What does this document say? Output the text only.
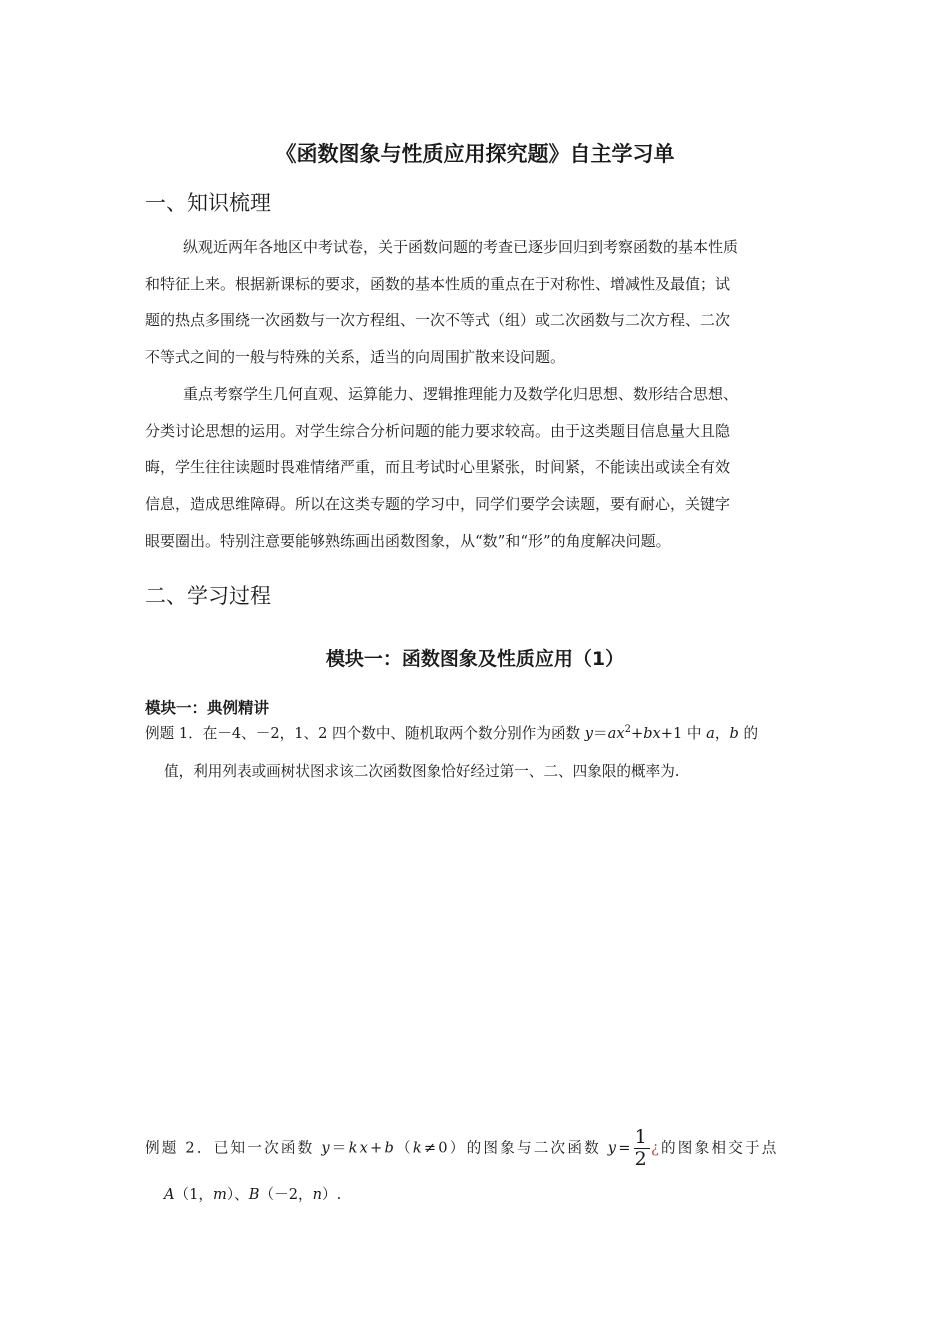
《函数图象与性质应用探究题》自主学习单
一、知识梳理
纵观近两年各地区中考试卷，关于函数问题的考查已逐步回归到考察函数的基本性质
和特征上来。根据新课标的要求，函数的基本性质的重点在于对称性、增减性及最值；试
题的热点多围绕一次函数与一次方程组、一次不等式（组）或二次函数与二次方程、二次
不等式之间的一般与特殊的关系，适当的向周围扩散来设问题。
重点考察学生几何直观、运算能力、逻辑推理能力及数学化归思想、数形结合思想、
分类讨论思想的运用。对学生综合分析问题的能力要求较高。由于这类题目信息量大且隐
晦，学生往往读题时畏难情绪严重，而且考试时心里紧张，时间紧，不能读出或读全有效
信息，造成思维障碍。所以在这类专题的学习中，同学们要学会读题，要有耐心，关键字
眼要圈出。特别注意要能够熟练画出函数图象，从“数”和“形”的角度解决问题。
二、学习过程
模块一：函数图象及性质应用（1）
模块一：典例精讲
例题 1．在－4、－2，1、2 四个数中、随机取两个数分别作为函数 $y=ax^2+bx+1$ 中 a，b 的
值，利用列表或画树状图求该二次函数图象恰好经过第一、二、四象限的概率为.
例题 2．已知一次函数 y＝kx+b（k≠0）的图象与二次函数 $y= \frac{1}{2}$ ¿的图象相交于点
A（1，m）、B（－2，n）.
